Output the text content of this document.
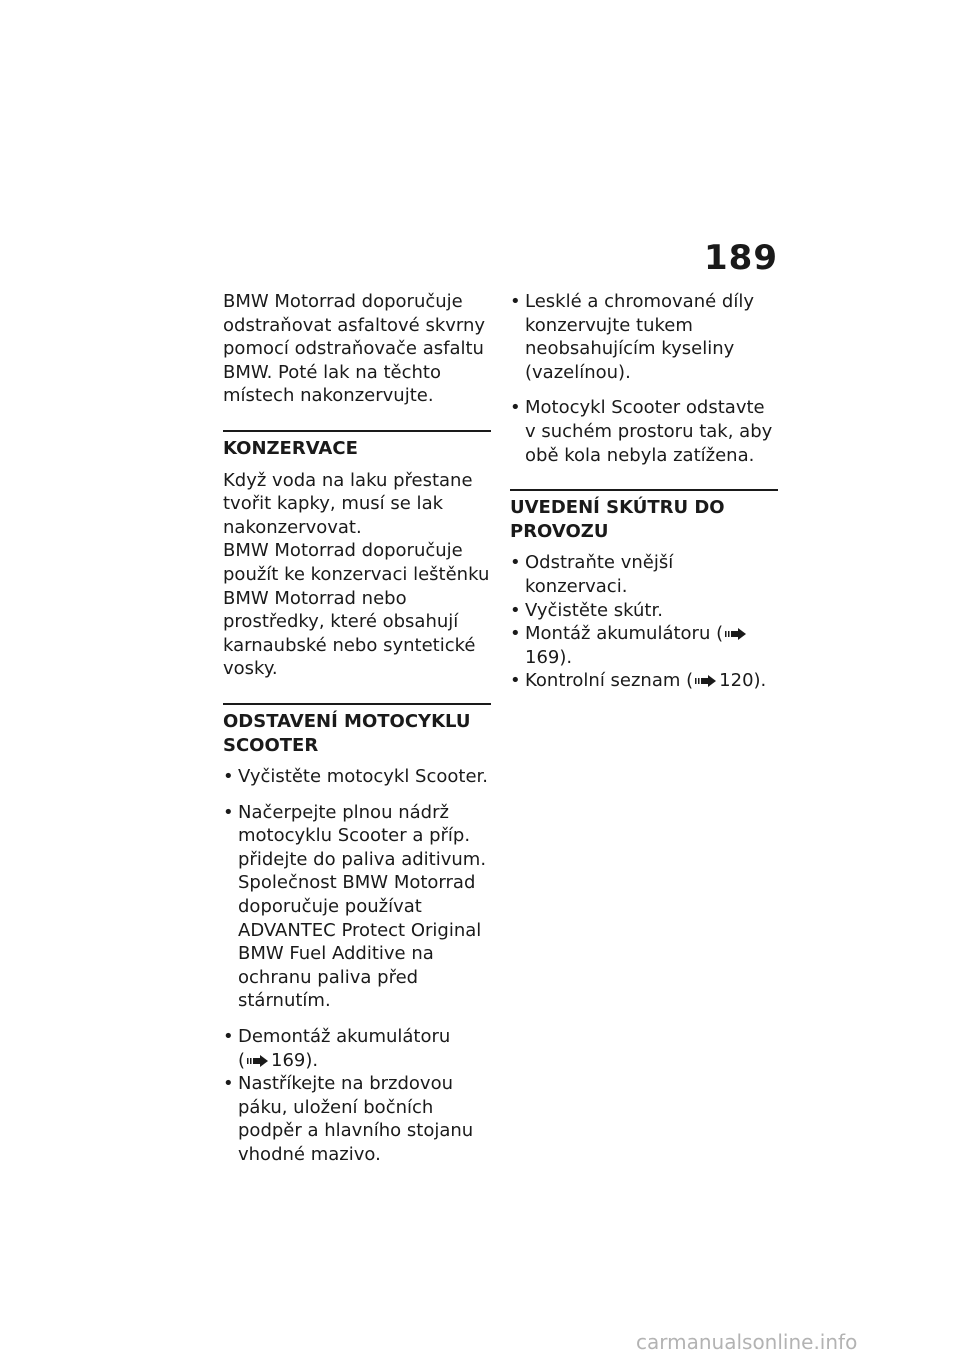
189

BMW Motorrad doporučuje odstraňovat asfaltové skvrny pomocí odstraňovače asfaltu BMW. Poté lak na těchto místech nakonzervujte.

KONZERVACE

Když voda na laku přestane tvořit kapky, musí se lak nakonzervovat.

BMW Motorrad doporučuje použít ke konzervaci leštěnku BMW Motorrad nebo prostředky, které obsahují karnaubské nebo syntetické vosky.

ODSTAVENÍ MOTOCYKLU SCOOTER
• Vyčistěte motocykl Scooter.
• Načerpejte plnou nádrž motocyklu Scooter a příp. přidejte do paliva aditivum. Společnost BMW Motorrad doporučuje používat ADVANTEC Protect Original BMW Fuel Additive na ochranu paliva před stárnutím.
• Demontáž akumulátoru
( 169).
• Nastříkejte na brzdovou páku, uložení bočních podpěr a hlavního stojanu vhodné mazivo.
• Lesklé a chromované díly konzervujte tukem neobsahujícím kyseliny (vazelínou).
• Motocykl Scooter odstavte v suchém prostoru tak, aby obě kola nebyla zatížena.
UVEDENÍ SKÚTRU DO PROVOZU
• Odstraňte vnější konzervaci.
• Vyčistěte skútr.
• Montáž akumulátoru (169).
• Kontrolní seznam ( 120).
carmanualsonline.info
